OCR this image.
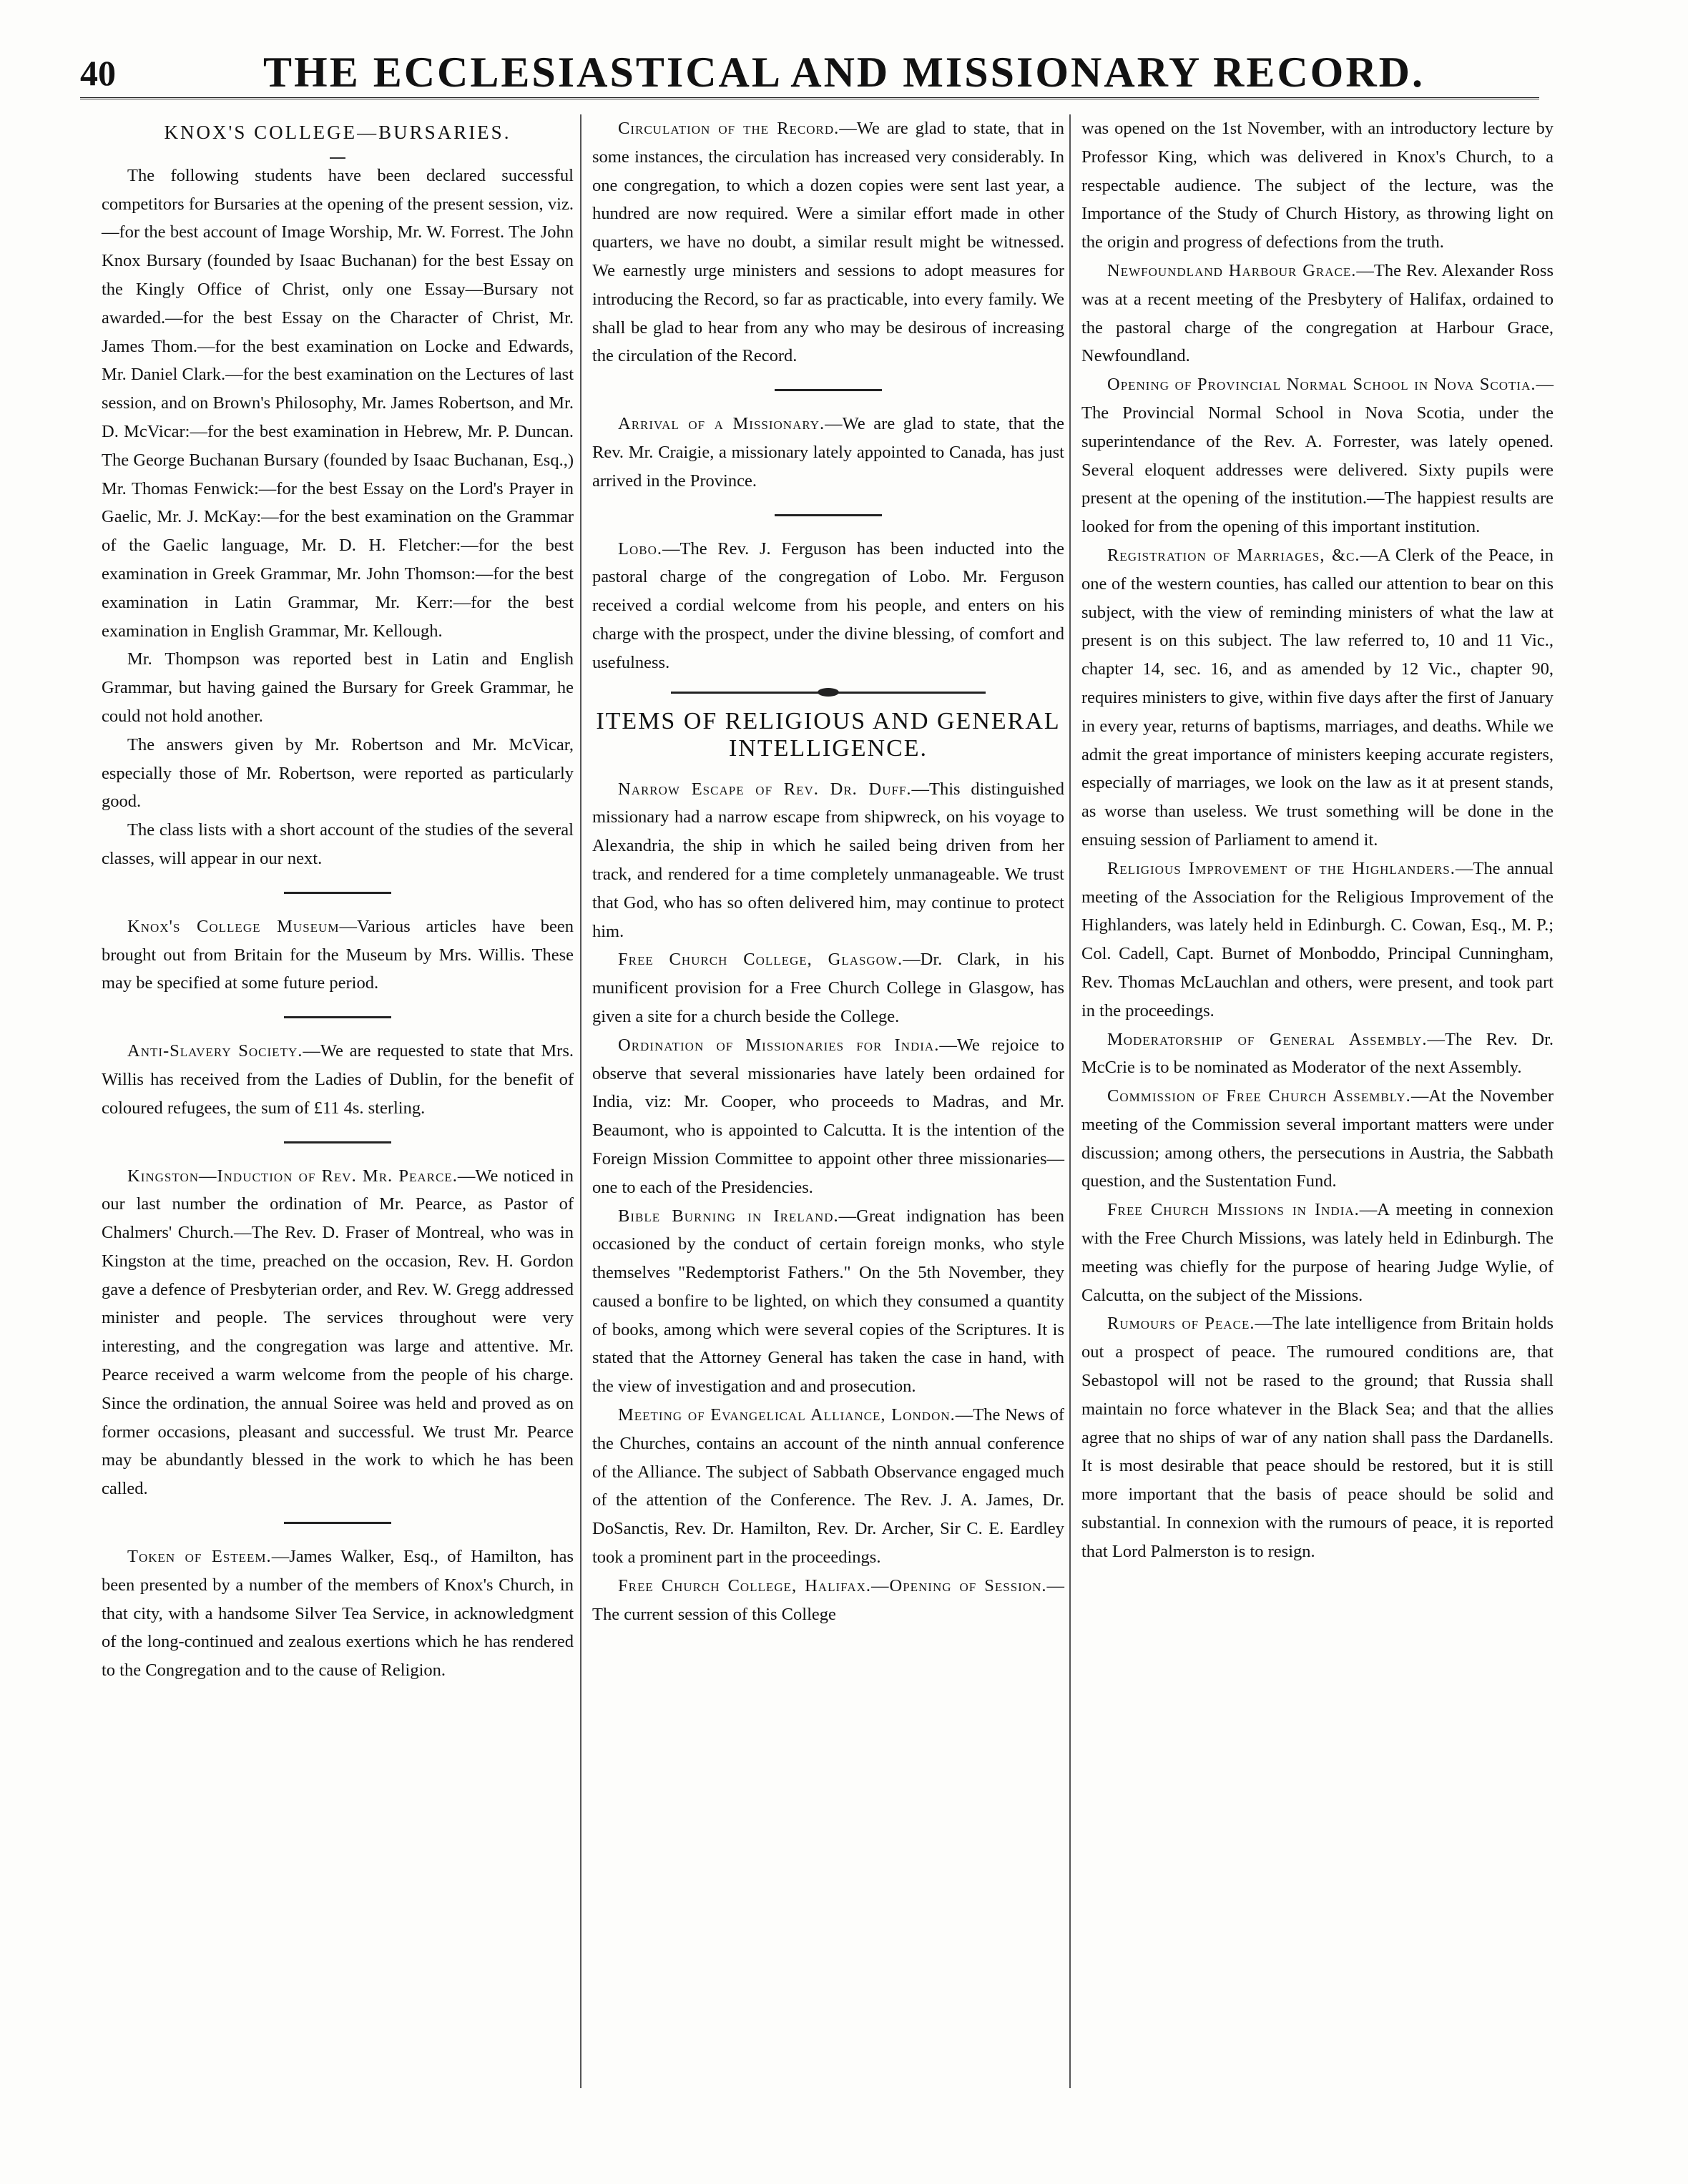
40	THE ECCLESIASTICAL AND MISSIONARY RECORD.
KNOX'S COLLEGE—BURSARIES.

The following students have been declared successful competitors for Bursaries at the opening of the present session, viz.—for the best account of Image Worship, Mr. W. Forrest. The John Knox Bursary (founded by Isaac Buchanan) for the best Essay on the Kingly Office of Christ, only one Essay—Bursary not awarded.—for the best Essay on the Character of Christ, Mr. James Thom.—for the best examination on Locke and Edwards, Mr. Daniel Clark.—for the best examination on the Lectures of last session, and on Brown's Philosophy, Mr. James Robertson, and Mr. D. McVicar:—for the best examination in Hebrew, Mr. P. Duncan. The George Buchanan Bursary (founded by Isaac Buchanan, Esq.,) Mr. Thomas Fenwick:—for the best Essay on the Lord's Prayer in Gaelic, Mr. J. McKay:—for the best examination on the Grammar of the Gaelic language, Mr. D. H. Fletcher:—for the best examination in Greek Grammar, Mr. John Thomson:—for the best examination in Latin Grammar, Mr. Kerr:—for the best examination in English Grammar, Mr. Kellough.

Mr. Thompson was reported best in Latin and English Grammar, but having gained the Bursary for Greek Grammar, he could not hold another.

The answers given by Mr. Robertson and Mr. McVicar, especially those of Mr. Robertson, were reported as particularly good.

The class lists with a short account of the studies of the several classes, will appear in our next.

Knox's College Museum—Various articles have been brought out from Britain for the Museum by Mrs. Willis. These may be specified at some future period.

Anti-Slavery Society.—We are requested to state that Mrs. Willis has received from the Ladies of Dublin, for the benefit of coloured refugees, the sum of £11 4s. sterling.

Kingston—Induction of Rev. Mr. Pearce.—We noticed in our last number the ordination of Mr. Pearce, as Pastor of Chalmers' Church.—The Rev. D. Fraser of Montreal, who was in Kingston at the time, preached on the occasion, Rev. H. Gordon gave a defence of Presbyterian order, and Rev. W. Gregg addressed minister and people. The services throughout were very interesting, and the congregation was large and attentive. Mr. Pearce received a warm welcome from the people of his charge. Since the ordination, the annual Soiree was held and proved as on former occasions, pleasant and successful. We trust Mr. Pearce may be abundantly blessed in the work to which he has been called.

Token of Esteem.—James Walker, Esq., of Hamilton, has been presented by a number of the members of Knox's Church, in that city, with a handsome Silver Tea Service, in acknowledgment of the long-continued and zealous exertions which he has rendered to the Congregation and to the cause of Religion.

Circulation of the Record.—We are glad to state, that in some instances, the circulation has increased very considerably. In one congregation, to which a dozen copies were sent last year, a hundred are now required. Were a similar effort made in other quarters, we have no doubt, a similar result might be witnessed. We earnestly urge ministers and sessions to adopt measures for introducing the Record, so far as practicable, into every family. We shall be glad to hear from any who may be desirous of increasing the circulation of the Record.

Arrival of a Missionary.—We are glad to state, that the Rev. Mr. Craigie, a missionary lately appointed to Canada, has just arrived in the Province.

Lobo.—The Rev. J. Ferguson has been inducted into the pastoral charge of the congregation of Lobo. Mr. Ferguson received a cordial welcome from his people, and enters on his charge with the prospect, under the divine blessing, of comfort and usefulness.

ITEMS OF RELIGIOUS AND GENERAL INTELLIGENCE.

Narrow Escape of Rev. Dr. Duff.—This distinguished missionary had a narrow escape from shipwreck, on his voyage to Alexandria, the ship in which he sailed being driven from her track, and rendered for a time completely unmanageable. We trust that God, who has so often delivered him, may continue to protect him.

Free Church College, Glasgow.—Dr. Clark, in his munificent provision for a Free Church College in Glasgow, has given a site for a church beside the College.

Ordination of Missionaries for India.—We rejoice to observe that several missionaries have lately been ordained for India, viz: Mr. Cooper, who proceeds to Madras, and Mr. Beaumont, who is appointed to Calcutta. It is the intention of the Foreign Mission Committee to appoint other three missionaries—one to each of the Presidencies.

Bible Burning in Ireland.—Great indignation has been occasioned by the conduct of certain foreign monks, who style themselves "Redemptorist Fathers." On the 5th November, they caused a bonfire to be lighted, on which they consumed a quantity of books, among which were several copies of the Scriptures. It is stated that the Attorney General has taken the case in hand, with the view of investigation and and prosecution.

Meeting of Evangelical Alliance, London.—The News of the Churches, contains an account of the ninth annual conference of the Alliance. The subject of Sabbath Observance engaged much of the attention of the Conference. The Rev. J. A. James, Dr. DoSanctis, Rev. Dr. Hamilton, Rev. Dr. Archer, Sir C. E. Eardley took a prominent part in the proceedings.

Free Church College, Halifax.—Opening of Session.—The current session of this College

was opened on the 1st November, with an introductory lecture by Professor King, which was delivered in Knox's Church, to a respectable audience. The subject of the lecture, was the Importance of the Study of Church History, as throwing light on the origin and progress of defections from the truth.

Newfoundland Harbour Grace.—The Rev. Alexander Ross was at a recent meeting of the Presbytery of Halifax, ordained to the pastoral charge of the congregation at Harbour Grace, Newfoundland.

Opening of Provincial Normal School in Nova Scotia.—The Provincial Normal School in Nova Scotia, under the superintendance of the Rev. A. Forrester, was lately opened. Several eloquent addresses were delivered. Sixty pupils were present at the opening of the institution.—The happiest results are looked for from the opening of this important institution.

Registration of Marriages, &c.—A Clerk of the Peace, in one of the western counties, has called our attention to bear on this subject, with the view of reminding ministers of what the law at present is on this subject. The law referred to, 10 and 11 Vic., chapter 14, sec. 16, and as amended by 12 Vic., chapter 90, requires ministers to give, within five days after the first of January in every year, returns of baptisms, marriages, and deaths. While we admit the great importance of ministers keeping accurate registers, especially of marriages, we look on the law as it at present stands, as worse than useless. We trust something will be done in the ensuing session of Parliament to amend it.

Religious Improvement of the Highlanders.—The annual meeting of the Association for the Religious Improvement of the Highlanders, was lately held in Edinburgh. C. Cowan, Esq., M. P.; Col. Cadell, Capt. Burnet of Monboddo, Principal Cunningham, Rev. Thomas McLauchlan and others, were present, and took part in the proceedings.

Moderatorship of General Assembly.—The Rev. Dr. McCrie is to be nominated as Moderator of the next Assembly.

Commission of Free Church Assembly.—At the November meeting of the Commission several important matters were under discussion; among others, the persecutions in Austria, the Sabbath question, and the Sustentation Fund.

Free Church Missions in India.—A meeting in connexion with the Free Church Missions, was lately held in Edinburgh. The meeting was chiefly for the purpose of hearing Judge Wylie, of Calcutta, on the subject of the Missions.

Rumours of Peace.—The late intelligence from Britain holds out a prospect of peace. The rumoured conditions are, that Sebastopol will not be rased to the ground; that Russia shall maintain no force whatever in the Black Sea; and that the allies agree that no ships of war of any nation shall pass the Dardanells. It is most desirable that peace should be restored, but it is still more important that the basis of peace should be solid and substantial. In connexion with the rumours of peace, it is reported that Lord Palmerston is to resign.
